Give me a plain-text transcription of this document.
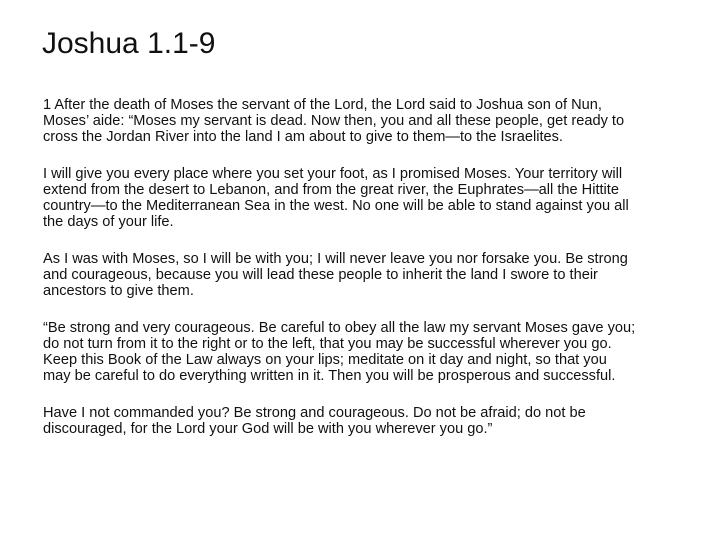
Joshua 1.1-9

1 After the death of Moses the servant of the Lord, the Lord said to Joshua son of Nun,
Moses’ aide: “Moses my servant is dead. Now then, you and all these people, get ready to
cross the Jordan River into the land I am about to give to them—to the Israelites.

I will give you every place where you set your foot, as I promised Moses. Your territory will
extend from the desert to Lebanon, and from the great river, the Euphrates—all the Hittite
country—to the Mediterranean Sea in the west. No one will be able to stand against you all
the days of your life.

As I was with Moses, so I will be with you; I will never leave you nor forsake you. Be strong
and courageous, because you will lead these people to inherit the land I swore to their
ancestors to give them.

“Be strong and very courageous. Be careful to obey all the law my servant Moses gave you;
do not turn from it to the right or to the left, that you may be successful wherever you go.
Keep this Book of the Law always on your lips; meditate on it day and night, so that you
may be careful to do everything written in it. Then you will be prosperous and successful.

Have I not commanded you? Be strong and courageous. Do not be afraid; do not be
discouraged, for the Lord your God will be with you wherever you go.”
